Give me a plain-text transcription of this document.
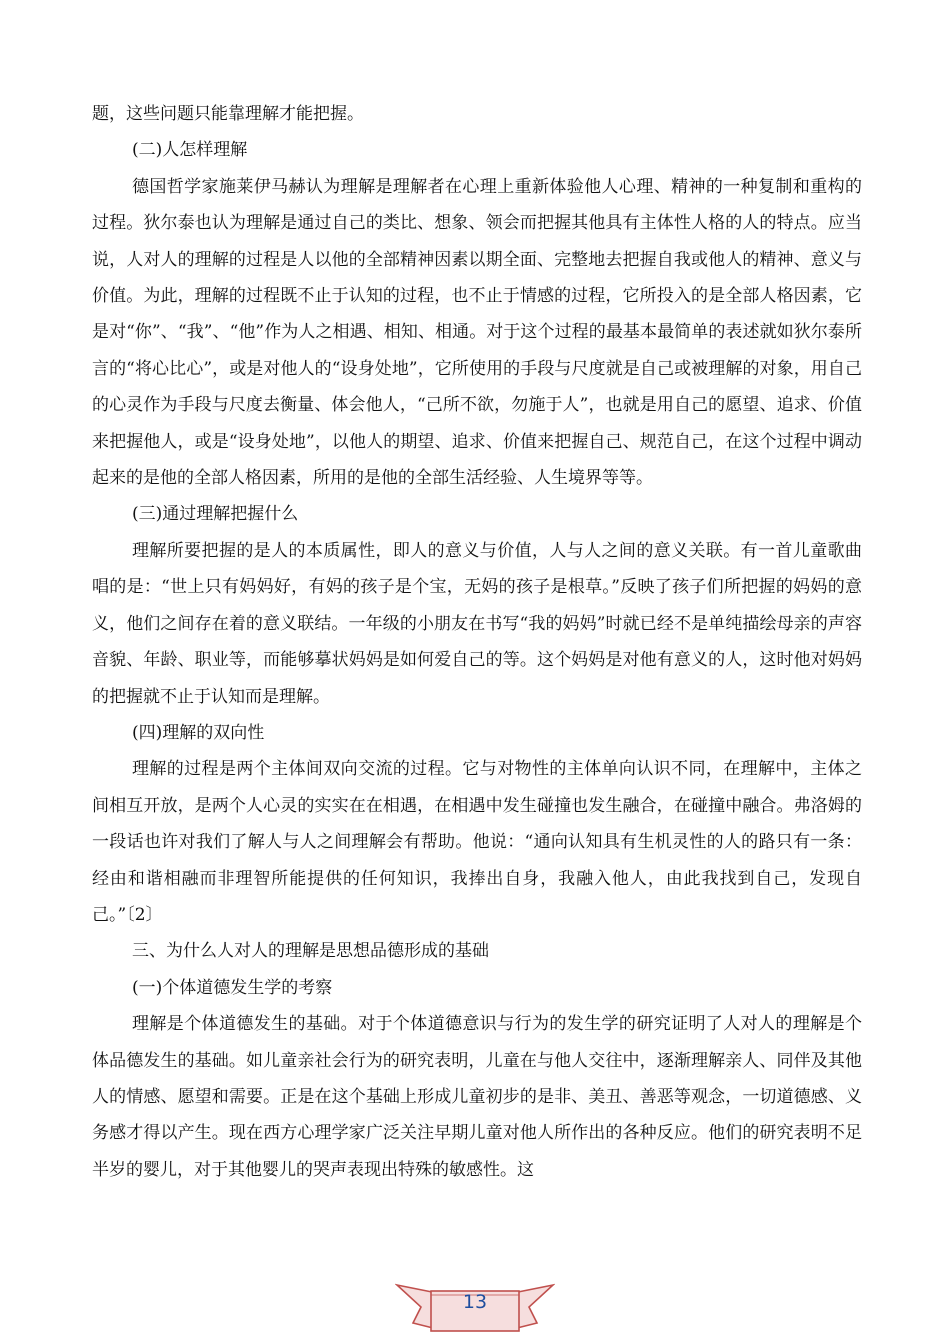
题，这些问题只能靠理解才能把握。

(二)人怎样理解

德国哲学家施莱伊马赫认为理解是理解者在心理上重新体验他人心理、精神的一种复制和重构的过程。狄尔泰也认为理解是通过自己的类比、想象、领会而把握其他具有主体性人格的人的特点。应当说，人对人的理解的过程是人以他的全部精神因素以期全面、完整地去把握自我或他人的精神、意义与价值。为此，理解的过程既不止于认知的过程，也不止于情感的过程，它所投入的是全部人格因素，它是对“你”、“我”、“他”作为人之相遇、相知、相通。对于这个过程的最基本最简单的表述就如狄尔泰所言的“将心比心”，或是对他人的“设身处地”，它所使用的手段与尺度就是自己或被理解的对象，用自己的心灵作为手段与尺度去衡量、体会他人，“己所不欲，勿施于人”，也就是用自己的愿望、追求、价值来把握他人，或是“设身处地”，以他人的期望、追求、价值来把握自己、规范自己，在这个过程中调动起来的是他的全部人格因素，所用的是他的全部生活经验、人生境界等等。

(三)通过理解把握什么

理解所要把握的是人的本质属性，即人的意义与价值，人与人之间的意义关联。有一首儿童歌曲唱的是：“世上只有妈妈好，有妈的孩子是个宝，无妈的孩子是根草。”反映了孩子们所把握的妈妈的意义，他们之间存在着的意义联结。一年级的小朋友在书写“我的妈妈”时就已经不是单纯描绘母亲的声容音貌、年龄、职业等，而能够摹状妈妈是如何爱自己的等。这个妈妈是对他有意义的人，这时他对妈妈的把握就不止于认知而是理解。

(四)理解的双向性

理解的过程是两个主体间双向交流的过程。它与对物性的主体单向认识不同，在理解中，主体之间相互开放，是两个人心灵的实实在在相遇，在相遇中发生碰撞也发生融合，在碰撞中融合。弗洛姆的一段话也许对我们了解人与人之间理解会有帮助。他说：“通向认知具有生机灵性的人的路只有一条：经由和谐相融而非理智所能提供的任何知识，我捧出自身，我融入他人，由此我找到自己，发现自己。”〔2〕

三、为什么人对人的理解是思想品德形成的基础

(一)个体道德发生学的考察

理解是个体道德发生的基础。对于个体道德意识与行为的发生学的研究证明了人对人的理解是个体品德发生的基础。如儿童亲社会行为的研究表明，儿童在与他人交往中，逐渐理解亲人、同伴及其他人的情感、愿望和需要。正是在这个基础上形成儿童初步的是非、美丑、善恶等观念，一切道德感、义务感才得以产生。现在西方心理学家广泛关注早期儿童对他人所作出的各种反应。他们的研究表明不足半岁的婴儿，对于其他婴儿的哭声表现出特殊的敏感性。这

13
